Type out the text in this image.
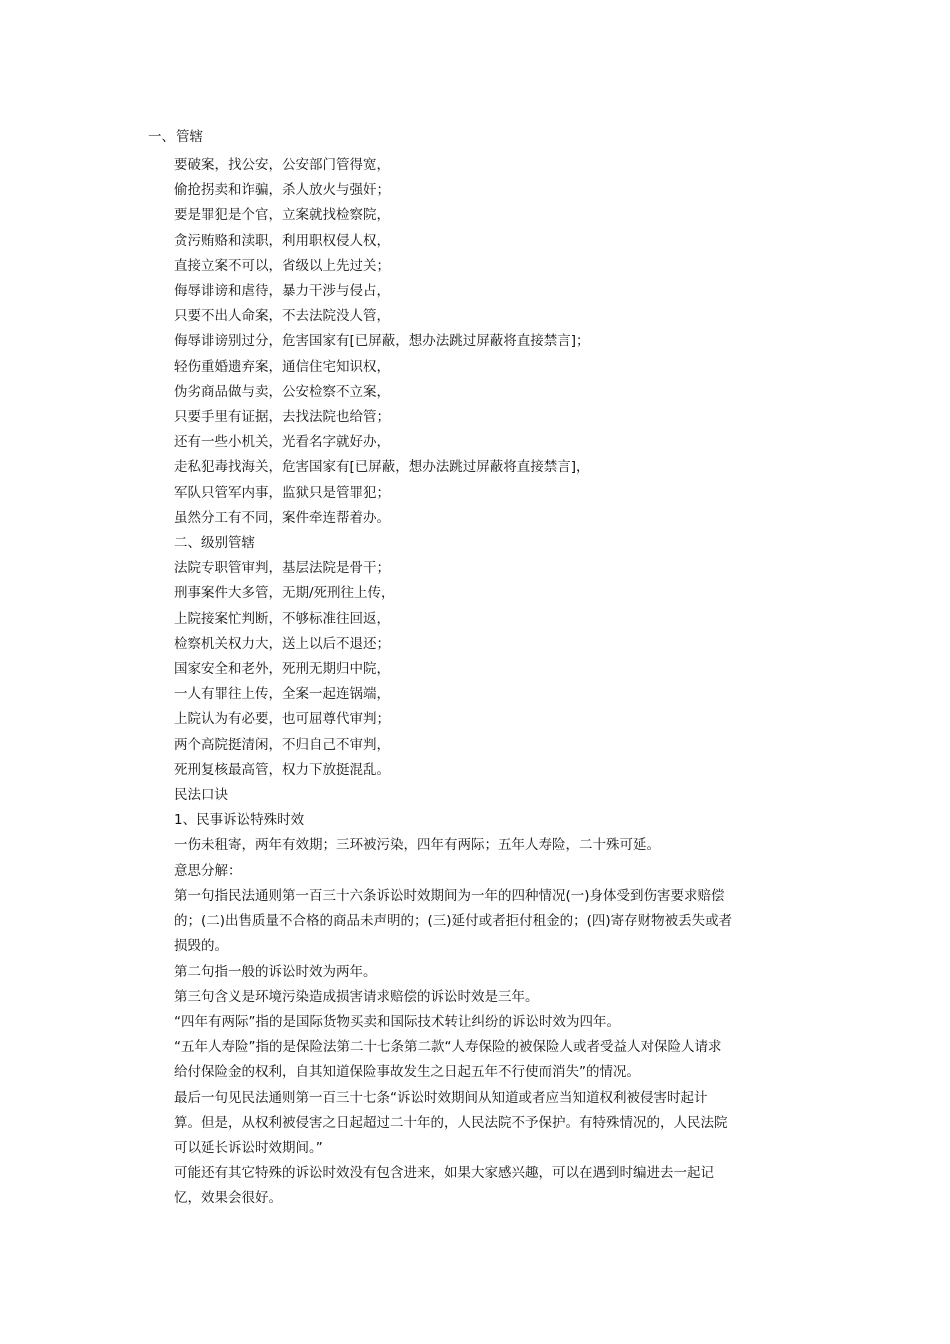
一、管辖

要破案，找公安，公安部门管得宽，

偷抢拐卖和诈骗，杀人放火与强奸；

要是罪犯是个官，立案就找检察院，

贪污贿赂和渎职，利用职权侵人权，

直接立案不可以，省级以上先过关；

侮辱诽谤和虐待，暴力干涉与侵占，

只要不出人命案，不去法院没人管，

侮辱诽谤别过分，危害国家有[已屏蔽，想办法跳过屏蔽将直接禁言]；

轻伤重婚遗弃案，通信住宅知识权，

伪劣商品做与卖，公安检察不立案，

只要手里有证据，去找法院也给管；

还有一些小机关，光看名字就好办，

走私犯毒找海关，危害国家有[已屏蔽，想办法跳过屏蔽将直接禁言]，

军队只管军内事，监狱只是管罪犯；

虽然分工有不同，案件牵连帮着办。

二、级别管辖

法院专职管审判，基层法院是骨干；

刑事案件大多管，无期/死刑往上传，

上院接案忙判断，不够标准往回返，

检察机关权力大，送上以后不退还；

国家安全和老外，死刑无期归中院，

一人有罪往上传，全案一起连锅端，

上院认为有必要，也可屈尊代审判；

两个高院挺清闲，不归自己不审判，

死刑复核最高管，权力下放挺混乱。

民法口诀

1、民事诉讼特殊时效

一伤未租寄，两年有效期；三环被污染，四年有两际；五年人寿险，二十殊可延。

意思分解：

第一句指民法通则第一百三十六条诉讼时效期间为一年的四种情况(一)身体受到伤害要求赔偿的；(二)出售质量不合格的商品未声明的；(三)延付或者拒付租金的；(四)寄存财物被丢失或者损毁的。

第二句指一般的诉讼时效为两年。

第三句含义是环境污染造成损害请求赔偿的诉讼时效是三年。

“四年有两际”指的是国际货物买卖和国际技术转让纠纷的诉讼时效为四年。

“五年人寿险”指的是保险法第二十七条第二款“人寿保险的被保险人或者受益人对保险人请求给付保险金的权利，自其知道保险事故发生之日起五年不行使而消失”的情况。

最后一句见民法通则第一百三十七条“诉讼时效期间从知道或者应当知道权利被侵害时起计算。但是，从权利被侵害之日起超过二十年的，人民法院不予保护。有特殊情况的，人民法院可以延长诉讼时效期间。”

可能还有其它特殊的诉讼时效没有包含进来，如果大家感兴趣，可以在遇到时编进去一起记忆，效果会很好。
